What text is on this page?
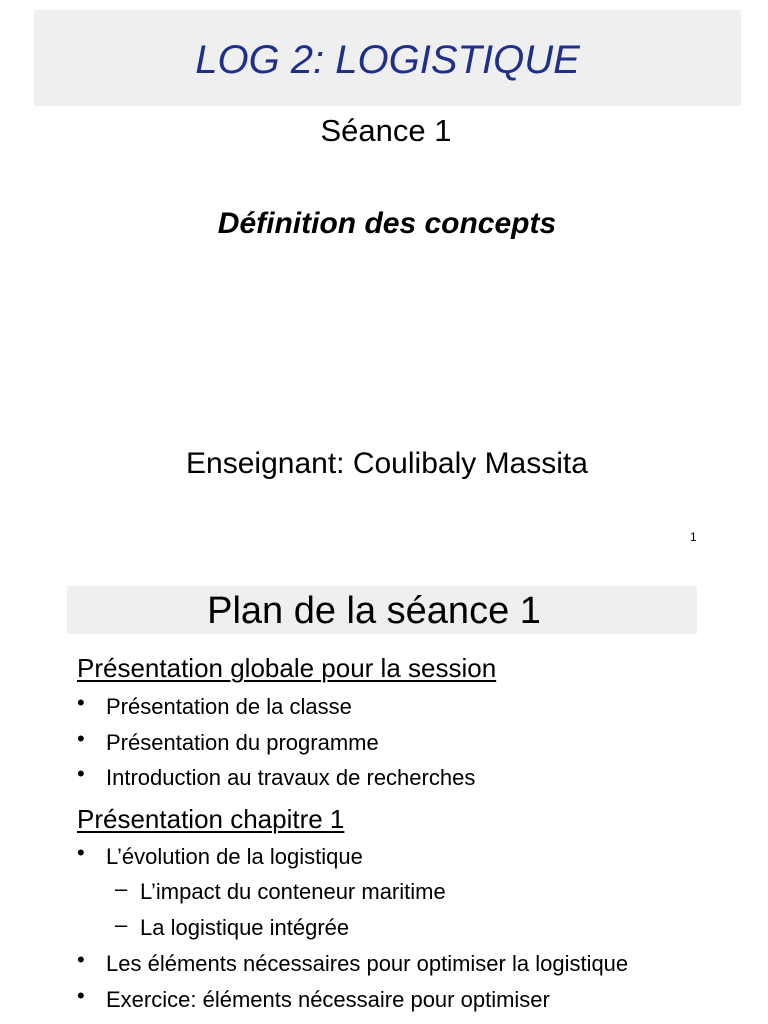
LOG 2: LOGISTIQUE
Séance 1
Définition des concepts
Enseignant: Coulibaly Massita
1
Plan de la séance 1
Présentation globale pour la session
• Présentation de la classe
• Présentation du programme
• Introduction au travaux de recherches
Présentation chapitre 1
• L’évolution de la logistique
– L’impact du conteneur maritime
– La logistique intégrée
• Les éléments nécessaires pour optimiser la logistique
• Exercice: éléments nécessaire pour optimiser
